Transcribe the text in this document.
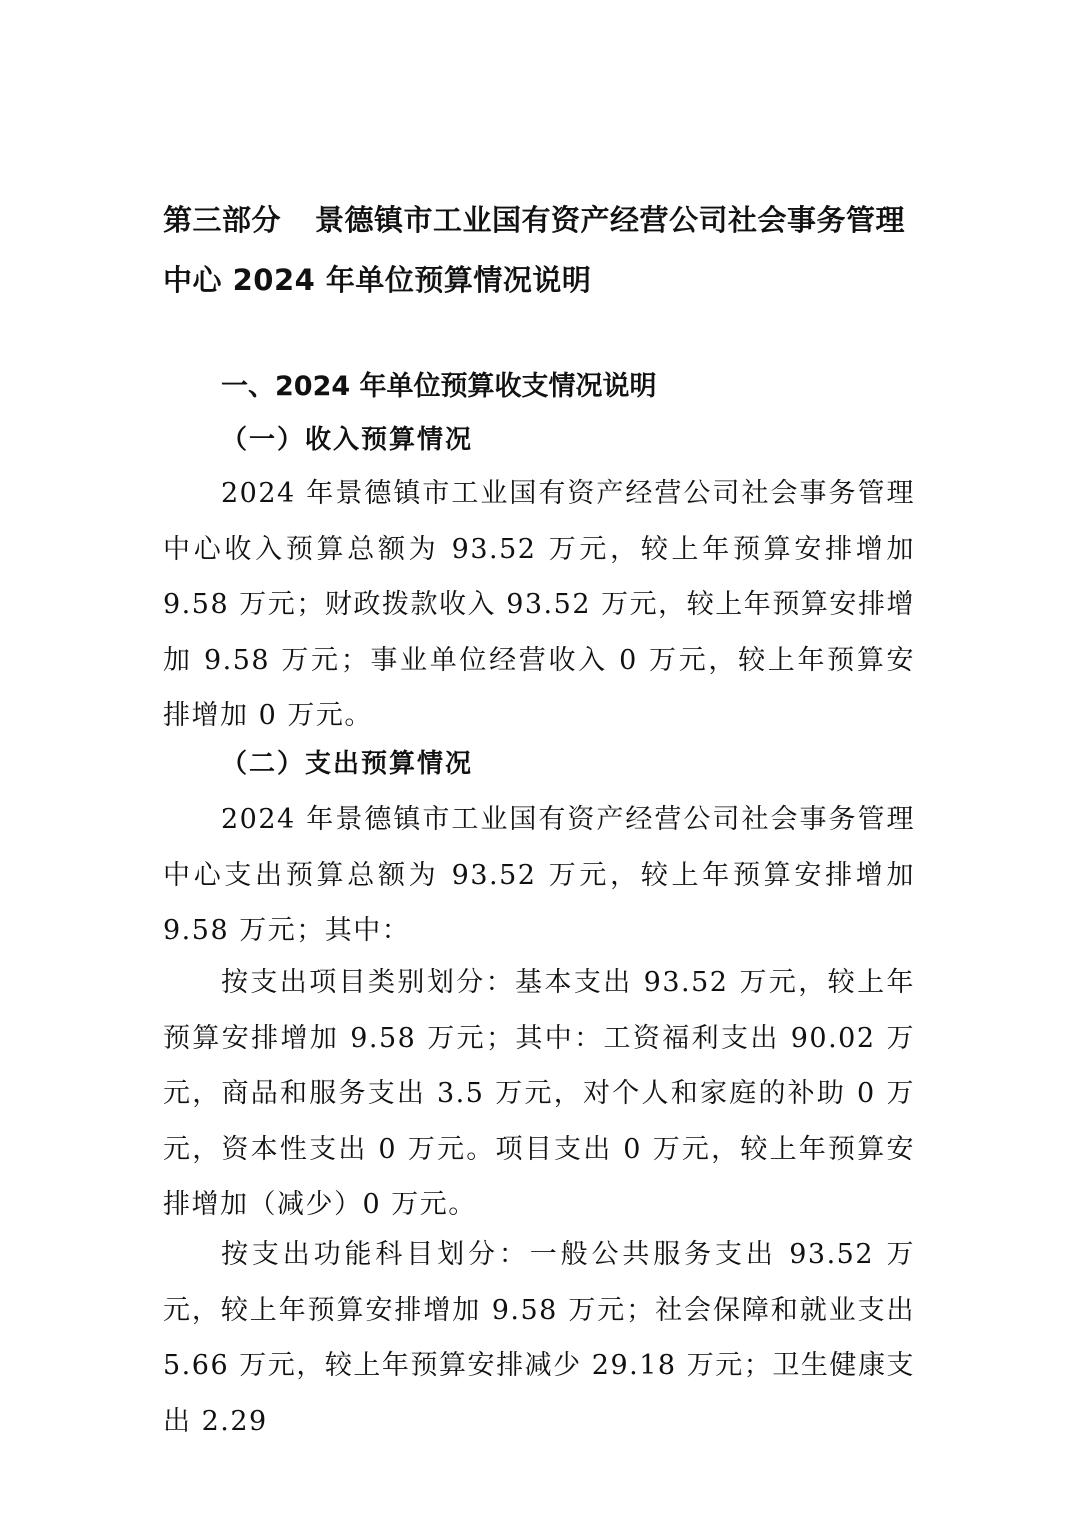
第三部分 景德镇市工业国有资产经营公司社会事务管理中心 2024 年单位预算情况说明
一、2024 年单位预算收支情况说明
（一）收入预算情况

2024 年景德镇市工业国有资产经营公司社会事务管理中心收入预算总额为 93.52 万元，较上年预算安排增加 9.58 万元；财政拨款收入 93.52 万元，较上年预算安排增加 9.58 万元；事业单位经营收入 0 万元，较上年预算安排增加 0 万元。

（二）支出预算情况

2024 年景德镇市工业国有资产经营公司社会事务管理中心支出预算总额为 93.52 万元，较上年预算安排增加 9.58 万元；其中：

按支出项目类别划分：基本支出 93.52 万元，较上年预算安排增加 9.58 万元；其中：工资福利支出 90.02 万元，商品和服务支出 3.5 万元，对个人和家庭的补助 0 万元，资本性支出 0 万元。项目支出 0 万元，较上年预算安排增加（减少）0 万元。

按支出功能科目划分：一般公共服务支出 93.52 万元，较上年预算安排增加 9.58 万元；社会保障和就业支出 5.66 万元，较上年预算安排减少 29.18 万元；卫生健康支出 2.29
